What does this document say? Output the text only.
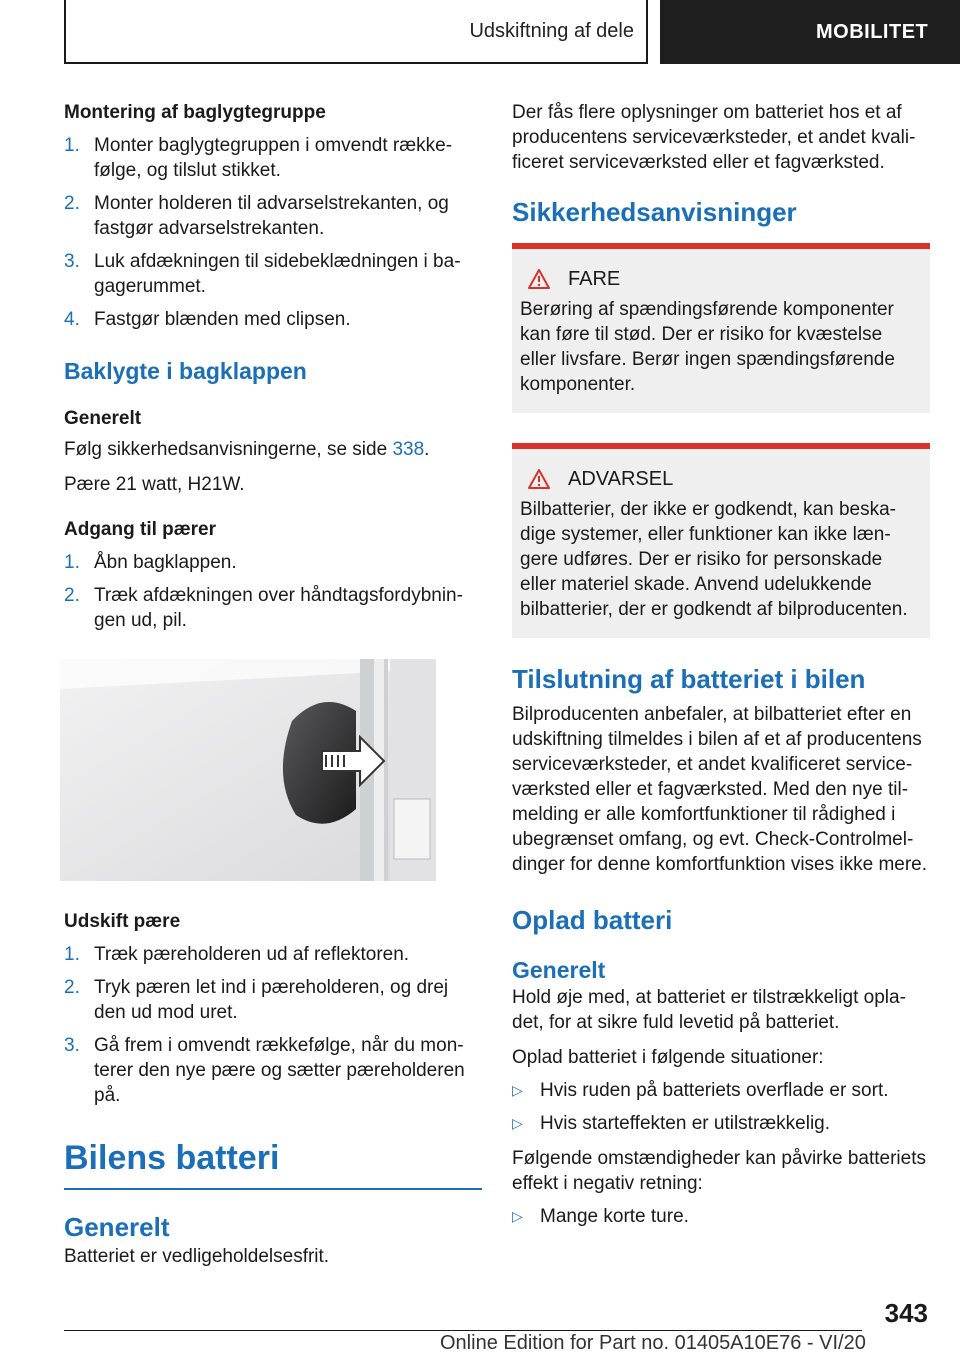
Udskiftning af dele	MOBILITET

Montering af baglygtegruppe

1. Monter baglygtegruppen i omvendt rækkefølge, og tilslut stikket.
2. Monter holderen til advarselstrekanten, og fastgør advarselstrekanten.
3. Luk afdækningen til sidebeklædningen i bagagerummet.
4. Fastgør blænden med clipsen.
Baklygte i bagklappen

Generelt

Følg sikkerhedsanvisningerne, se side 338.

Pære 21 watt, H21W.

Adgang til pærer

1. Åbn bagklappen.
2. Træk afdækningen over håndtagsfordybningen ud, pil.

Udskift pære

1. Træk pæreholderen ud af reflektoren.
2. Tryk pæren let ind i pæreholderen, og drej den ud mod uret.
3. Gå frem i omvendt rækkefølge, når du monterer den nye pære og sætter pæreholderen på.
Bilens batteri
Generelt

Batteriet er vedligeholdelsesfrit.

Der fås flere oplysninger om batteriet hos et af producentens serviceværksteder, et andet kvalificeret serviceværksted eller et fagværksted.

Sikkerhedsanvisninger
FARE

Berøring af spændingsførende komponenter kan føre til stød. Der er risiko for kvæstelse eller livsfare. Berør ingen spændingsførende komponenter.

ADVARSEL

Bilbatterier, der ikke er godkendt, kan beskadige systemer, eller funktioner kan ikke længere udføres. Der er risiko for personskade eller materiel skade. Anvend udelukkende bilbatterier, der er godkendt af bilproducenten.

Tilslutning af batteriet i bilen

Bilproducenten anbefaler, at bilbatteriet efter en udskiftning tilmeldes i bilen af et af producentens serviceværksteder, et andet kvalificeret serviceværksted eller et fagværksted. Med den nye tilmelding er alle komfortfunktioner til rådighed i ubegrænset omfang, og evt. Check-Controlmeldinger for denne komfortfunktion vises ikke mere.

Oplad batteri
Generelt

Hold øje med, at batteriet er tilstrækkeligt opladet, for at sikre fuld levetid på batteriet.

Oplad batteriet i følgende situationer:

▷ Hvis ruden på batteriets overflade er sort.
▷ Hvis starteffekten er utilstrækkelig.

Følgende omstændigheder kan påvirke batteriets effekt i negativ retning:

▷ Mange korte ture.
343
Online Edition for Part no. 01405A10E76 - VI/20
